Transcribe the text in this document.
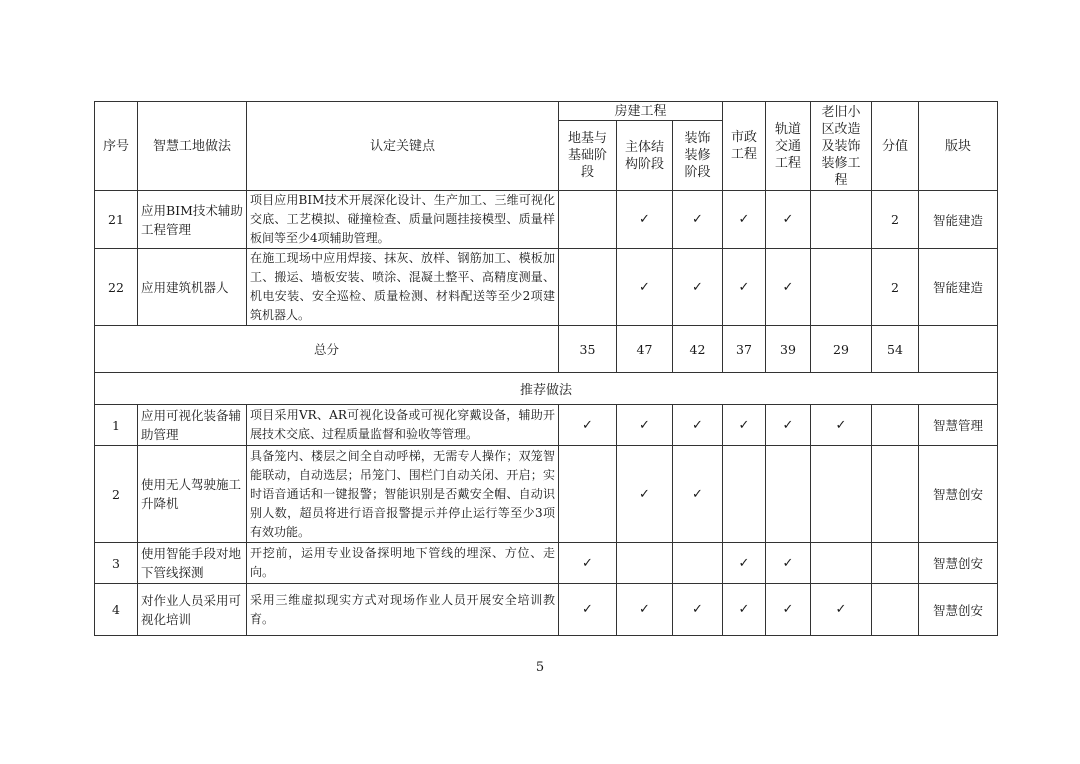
序号	智慧工地做法	认定关键点	房建工程			市政工程	轨道交通工程	老旧小区改造及装饰装修工程	分值	版块

			地基与基础阶段	主体结构阶段	装饰装修阶段					

21	应用BIM技术辅助工程管理	项目应用BIM技术开展深化设计、生产加工、三维可视化交底、工艺模拟、碰撞检查、质量问题挂接模型、质量样板间等至少4项辅助管理。		✓	✓	✓	✓		2	智能建造
22	应用建筑机器人	在施工现场中应用焊接、抹灰、放样、钢筋加工、模板加工、搬运、墙板安装、喷涂、混凝土整平、高精度测量、机电安装、安全巡检、质量检测、材料配送等至少2项建筑机器人。		✓	✓	✓	✓		2	智能建造
总分			35	47	42	37	39	29	54	
推荐做法										
1	应用可视化装备辅助管理	项目采用VR、AR可视化设备或可视化穿戴设备，辅助开展技术交底、过程质量监督和验收等管理。	✓	✓	✓	✓	✓	✓		智慧管理
2	使用无人驾驶施工升降机	具备笼内、楼层之间全自动呼梯，无需专人操作；双笼智能联动，自动选层；吊笼门、围栏门自动关闭、开启；实时语音通话和一键报警；智能识别是否戴安全帽、自动识别人数，超员将进行语音报警提示并停止运行等至少3项有效功能。		✓	✓					智慧创安
3	使用智能手段对地下管线探测	开挖前，运用专业设备探明地下管线的埋深、方位、走向。	✓			✓	✓			智慧创安
4	对作业人员采用可视化培训	采用三维虚拟现实方式对现场作业人员开展安全培训教育。	✓	✓	✓	✓	✓	✓		智慧创安
5
